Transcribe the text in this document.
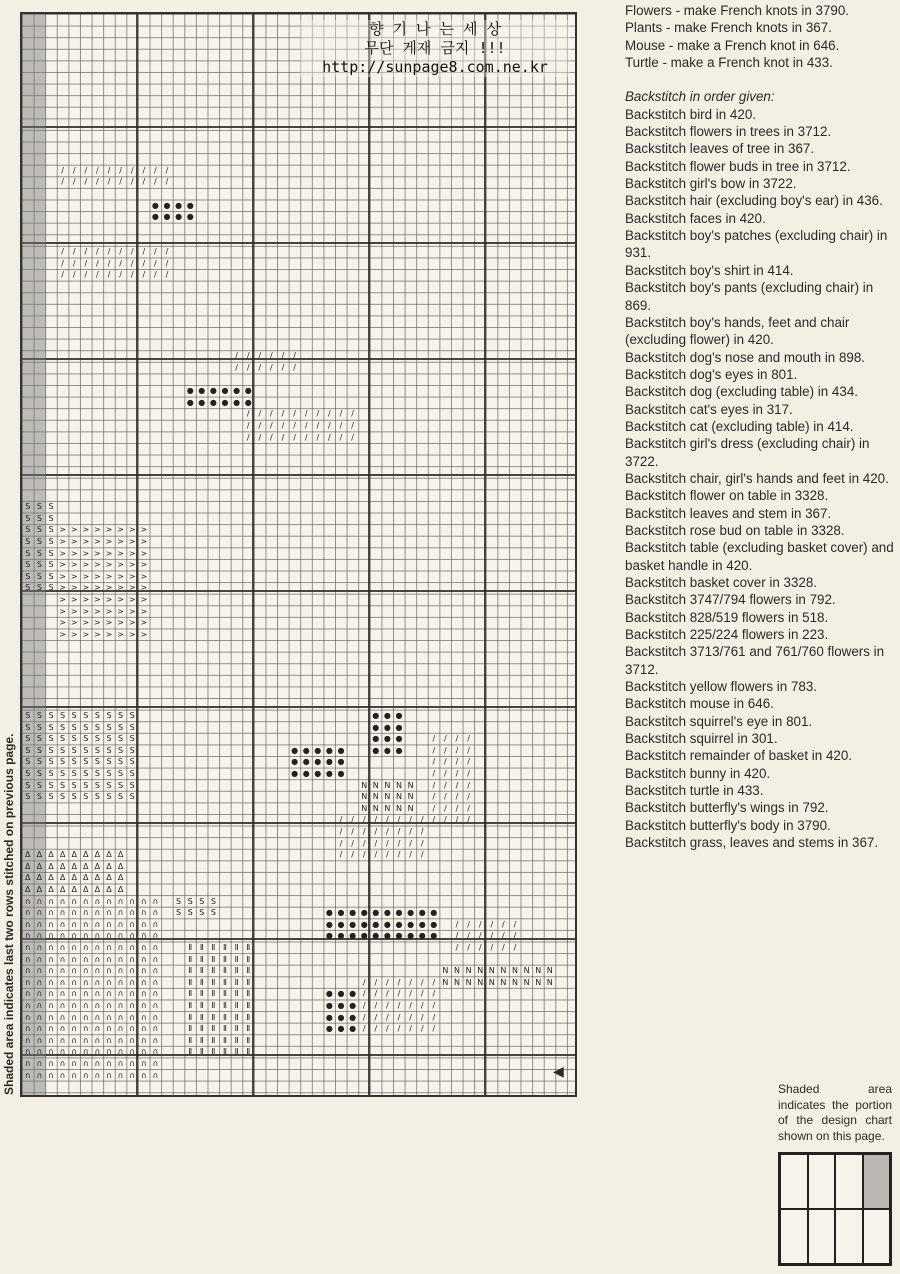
/	/	/	/	/	/	/	/	/	/
/	/	/	/	/	/	/	/	/	/
● ● ● ●
● ● ● ●
/	/	/	/	/	/	/	/	/	/
/	/	/	/	/	/	/	/	/	/
/	/	/	/	/	/	/	/	/	/
/	/	/	/	/	/
/	/	/	/	/	/
● ● ● ● ● ●
● ● ● ● ● ●
/	/	/	/	/	/	/	/	/	/
/	/	/	/	/	/	/	/	/	/
/	/	/	/	/	/	/	/	/	/
S S S
S S S
S S S
S S S
S S S
S S S
S S S
S S S
> > > > > > > >
> > > > > > > >
> > > > > > > >
> > > > > > > >
> > > > > > > >
> > > > > > > >
> > > > > > > >
> > > > > > > >
> > > > > > > >
> > > > > > > >
S S S S S S S S S S
S S S S S S S S S S
S S S S S S S S S S
S S S S S S S S S S
S S S S S S S S S S
S S S S S S S S S S
S S S S S S S S S S
S S S S S S S S S S
Δ Δ Δ Δ Δ Δ Δ Δ Δ
Δ Δ Δ Δ Δ Δ Δ Δ Δ
Δ Δ Δ Δ Δ Δ Δ Δ Δ
Δ Δ Δ Δ Δ Δ Δ Δ Δ
∩ ∩ ∩ ∩ ∩ ∩ ∩ ∩ ∩ ∩ ∩ ∩
∩ ∩ ∩ ∩ ∩ ∩ ∩ ∩ ∩ ∩ ∩ ∩
∩ ∩ ∩ ∩ ∩ ∩ ∩ ∩ ∩ ∩ ∩ ∩
∩ ∩ ∩ ∩ ∩ ∩ ∩ ∩ ∩ ∩ ∩ ∩
∩ ∩ ∩ ∩ ∩ ∩ ∩ ∩ ∩ ∩ ∩ ∩
∩ ∩ ∩ ∩ ∩ ∩ ∩ ∩ ∩ ∩ ∩ ∩
∩ ∩ ∩ ∩ ∩ ∩ ∩ ∩ ∩ ∩ ∩ ∩
∩ ∩ ∩ ∩ ∩ ∩ ∩ ∩ ∩ ∩ ∩ ∩
∩ ∩ ∩ ∩ ∩ ∩ ∩ ∩ ∩ ∩ ∩ ∩
∩ ∩ ∩ ∩ ∩ ∩ ∩ ∩ ∩ ∩ ∩ ∩
∩ ∩ ∩ ∩ ∩ ∩ ∩ ∩ ∩ ∩ ∩ ∩
∩ ∩ ∩ ∩ ∩ ∩ ∩ ∩ ∩ ∩ ∩ ∩
∩ ∩ ∩ ∩ ∩ ∩ ∩ ∩ ∩ ∩ ∩ ∩
∩ ∩ ∩ ∩ ∩ ∩ ∩ ∩ ∩ ∩ ∩ ∩
∩ ∩ ∩ ∩ ∩ ∩ ∩ ∩ ∩ ∩ ∩ ∩
∩ ∩ ∩ ∩ ∩ ∩ ∩ ∩ ∩ ∩ ∩ ∩
S S S S
S S S S
Ⅱ Ⅱ Ⅱ Ⅱ Ⅱ Ⅱ
Ⅱ Ⅱ Ⅱ Ⅱ Ⅱ Ⅱ
Ⅱ Ⅱ Ⅱ Ⅱ Ⅱ Ⅱ
Ⅱ Ⅱ Ⅱ Ⅱ Ⅱ Ⅱ
Ⅱ Ⅱ Ⅱ Ⅱ Ⅱ Ⅱ
Ⅱ Ⅱ Ⅱ Ⅱ Ⅱ Ⅱ
Ⅱ Ⅱ Ⅱ Ⅱ Ⅱ Ⅱ
Ⅱ Ⅱ Ⅱ Ⅱ Ⅱ Ⅱ
Ⅱ Ⅱ Ⅱ Ⅱ Ⅱ Ⅱ
Ⅱ Ⅱ Ⅱ Ⅱ Ⅱ Ⅱ
● ● ● ● ●
● ● ● ● ●
● ● ● ● ●
● ● ●
● ● ●
● ● ●
● ● ●
N N N N N
N N N N N
N N N N N
/	/	/	/	/	/	/	/
/	/	/	/	/	/	/	/
/	/	/	/	/	/	/	/
/	/	/	/	/	/	/	/
/	/	/	/
/	/	/	/
/	/	/	/
/	/	/	/
/	/	/	/
/	/	/	/
/	/	/	/
/	/	/	/
● ● ● ● ● ● ● ● ● ●
● ● ● ● ● ● ● ● ● ●
● ● ● ● ● ● ● ● ● ●
N N N N N N N N N N
N N N N N N N N N N
/	/	/	/	/	/
/	/	/	/	/	/
/	/	/	/	/	/
● ● ●
● ● ●
● ● ●
● ● ●
/	/	/	/	/	/	/
/	/	/	/	/	/	/
/	/	/	/	/	/	/
/	/	/	/	/	/	/
/	/	/	/	/	/	/
향 기 나 는 세 상
무단 게재 금지 !!!
http://sunpage8.com.ne.kr
◀
Flowers - make French knots in 3790.
Plants - make French knots in 367.
Mouse - make a French knot in 646.
Turtle - make a French knot in 433.
Backstitch in order given:
Backstitch bird in 420.
Backstitch flowers in trees in 3712.
Backstitch leaves of tree in 367.
Backstitch flower buds in tree in 3712.
Backstitch girl's bow in 3722.
Backstitch hair (excluding boy's ear) in 436.
Backstitch faces in 420.
Backstitch boy's patches (excluding chair) in 931.
Backstitch boy's shirt in 414.
Backstitch boy's pants (excluding chair) in 869.
Backstitch boy's hands, feet and chair (excluding flower) in 420.
Backstitch dog's nose and mouth in 898.
Backstitch dog's eyes in 801.
Backstitch dog (excluding table) in 434.
Backstitch cat's eyes in 317.
Backstitch cat (excluding table) in 414.
Backstitch girl's dress (excluding chair) in 3722.
Backstitch chair, girl's hands and feet in 420.
Backstitch flower on table in 3328.
Backstitch leaves and stem in 367.
Backstitch rose bud on table in 3328.
Backstitch table (excluding basket cover) and basket handle in 420.
Backstitch basket cover in 3328.
Backstitch 3747/794 flowers in 792.
Backstitch 828/519 flowers in 518.
Backstitch 225/224 flowers in 223.
Backstitch 3713/761 and 761/760 flowers in 3712.
Backstitch yellow flowers in 783.
Backstitch mouse in 646.
Backstitch squirrel's eye in 801.
Backstitch squirrel in 301.
Backstitch remainder of basket in 420.
Backstitch bunny in 420.
Backstitch turtle in 433.
Backstitch butterfly's wings in 792.
Backstitch butterfly's body in 3790.
Backstitch grass, leaves and stems in 367.
Shaded area indicates the portion of the design chart shown on this page.
Shaded area indicates last two rows stitched on previous page.
